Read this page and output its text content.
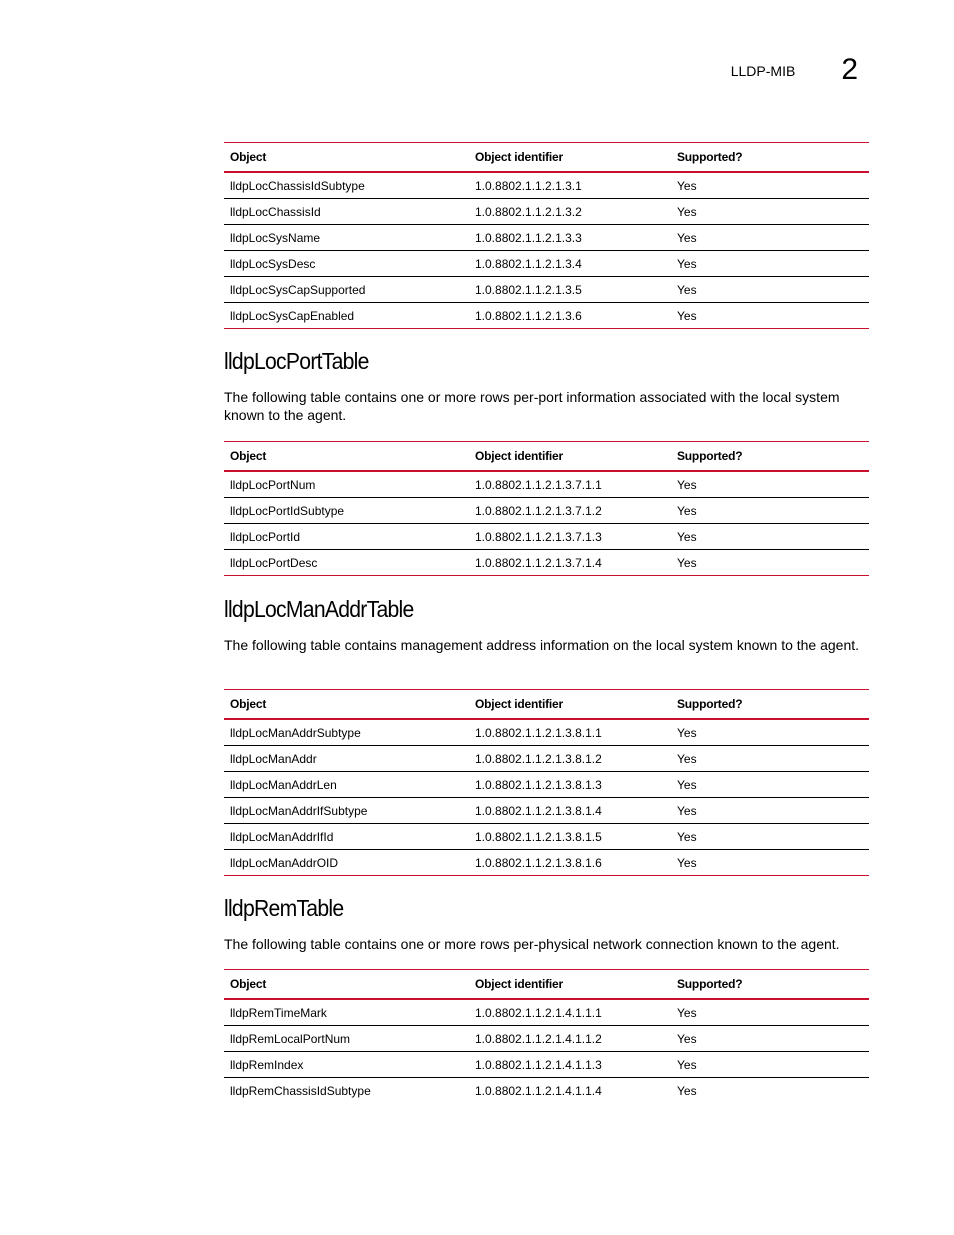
LLDP-MIB 2
Object	Object identifier	Supported?
lldpLocChassisIdSubtype	1.0.8802.1.1.2.1.3.1	Yes
lldpLocChassisId	1.0.8802.1.1.2.1.3.2	Yes
lldpLocSysName	1.0.8802.1.1.2.1.3.3	Yes
lldpLocSysDesc	1.0.8802.1.1.2.1.3.4	Yes
lldpLocSysCapSupported	1.0.8802.1.1.2.1.3.5	Yes
lldpLocSysCapEnabled	1.0.8802.1.1.2.1.3.6	Yes
lldpLocPortTable

The following table contains one or more rows per-port information associated with the local system known to the agent.

Object	Object identifier	Supported?
lldpLocPortNum	1.0.8802.1.1.2.1.3.7.1.1	Yes
lldpLocPortIdSubtype	1.0.8802.1.1.2.1.3.7.1.2	Yes
lldpLocPortId	1.0.8802.1.1.2.1.3.7.1.3	Yes
lldpLocPortDesc	1.0.8802.1.1.2.1.3.7.1.4	Yes
lldpLocManAddrTable

The following table contains management address information on the local system known to the agent.

Object	Object identifier	Supported?
lldpLocManAddrSubtype	1.0.8802.1.1.2.1.3.8.1.1	Yes
lldpLocManAddr	1.0.8802.1.1.2.1.3.8.1.2	Yes
lldpLocManAddrLen	1.0.8802.1.1.2.1.3.8.1.3	Yes
lldpLocManAddrIfSubtype	1.0.8802.1.1.2.1.3.8.1.4	Yes
lldpLocManAddrIfId	1.0.8802.1.1.2.1.3.8.1.5	Yes
lldpLocManAddrOID	1.0.8802.1.1.2.1.3.8.1.6	Yes
lldpRemTable

The following table contains one or more rows per-physical network connection known to the agent.

Object	Object identifier	Supported?
lldpRemTimeMark	1.0.8802.1.1.2.1.4.1.1.1	Yes
lldpRemLocalPortNum	1.0.8802.1.1.2.1.4.1.1.2	Yes
lldpRemIndex	1.0.8802.1.1.2.1.4.1.1.3	Yes
lldpRemChassisIdSubtype	1.0.8802.1.1.2.1.4.1.1.4	Yes
